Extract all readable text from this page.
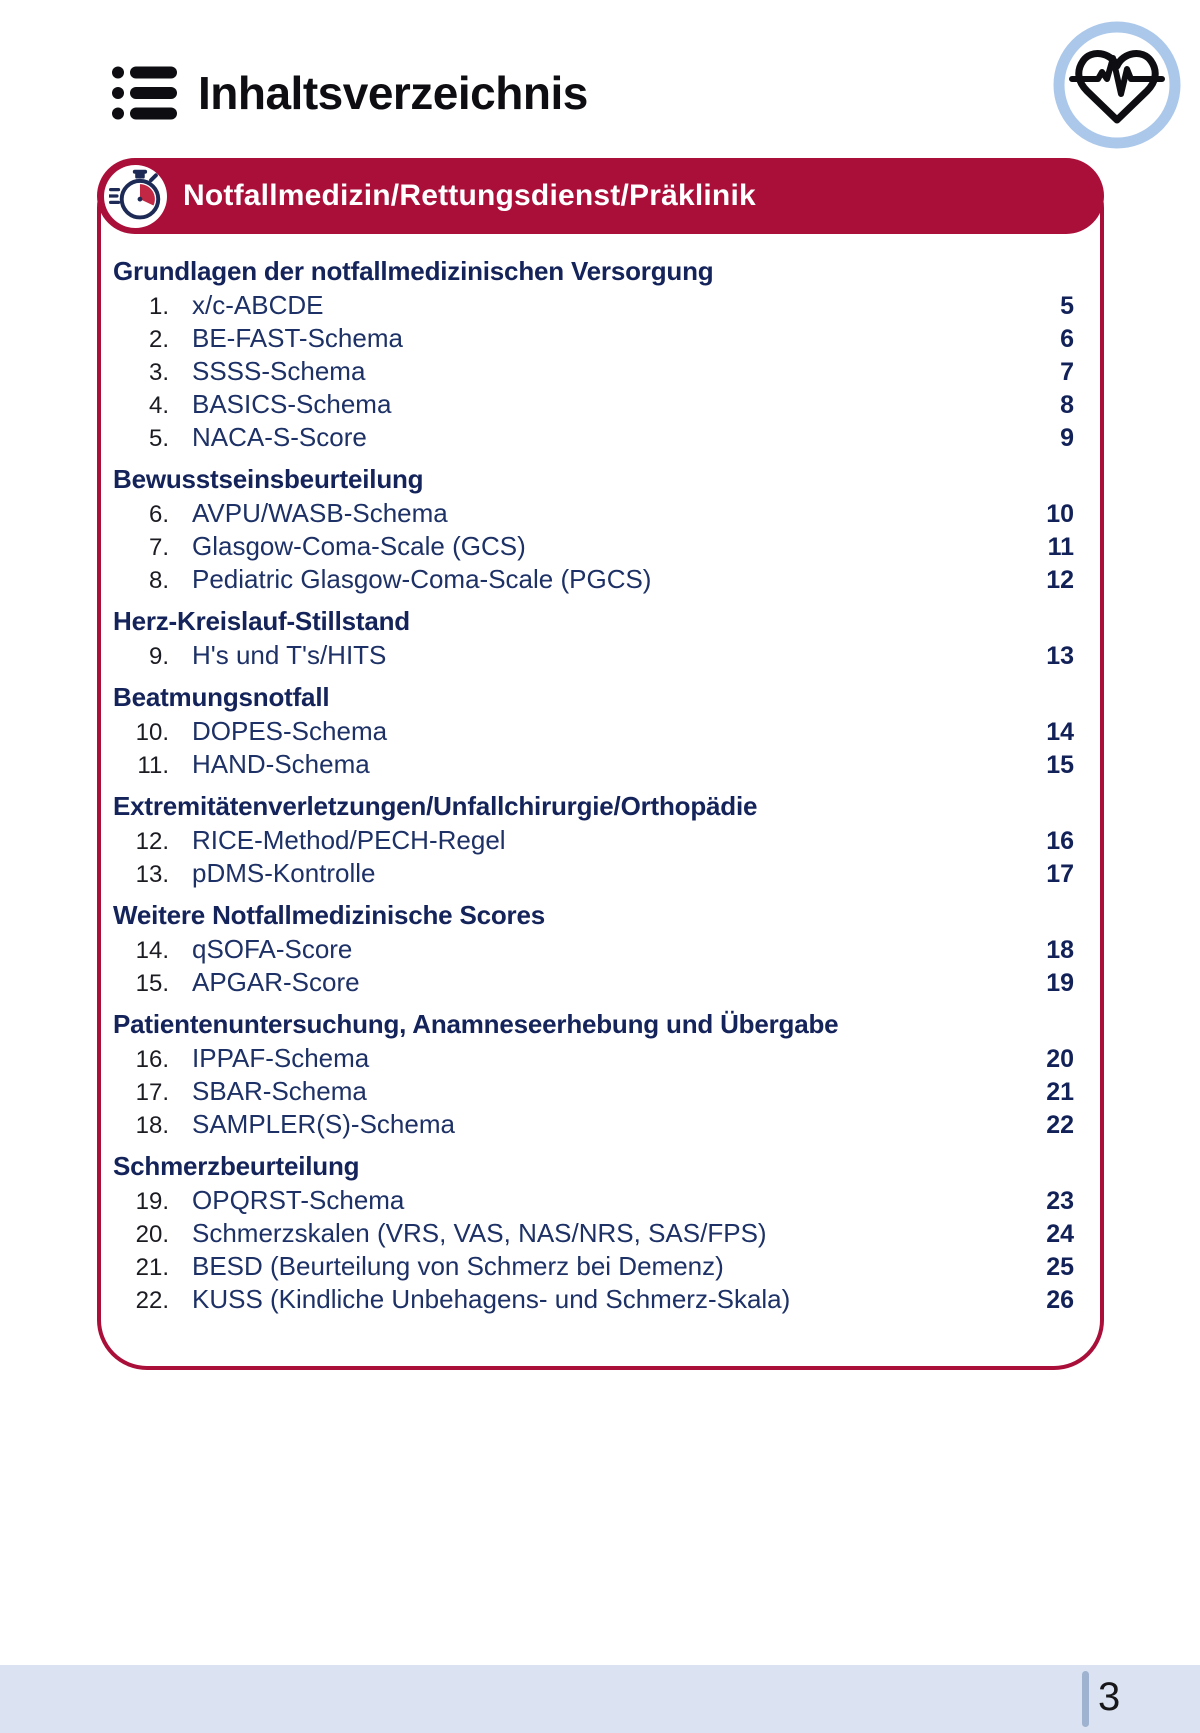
Inhaltsverzeichnis
Notfallmedizin/Rettungsdienst/Präklinik
Grundlagen der notfallmedizinischen Versorgung
1. x/c-ABCDE	5
2. BE-FAST-Schema	6
3. SSSS-Schema	7
4. BASICS-Schema	8
5. NACA-S-Score	9
Bewusstseinsbeurteilung
6. AVPU/WASB-Schema	10
7. Glasgow-Coma-Scale (GCS)	11
8. Pediatric Glasgow-Coma-Scale (PGCS)	12
Herz-Kreislauf-Stillstand
9. H's und T's/HITS	13
Beatmungsnotfall
10. DOPES-Schema	14
11. HAND-Schema	15
Extremitätenverletzungen/Unfallchirurgie/Orthopädie
12. RICE-Method/PECH-Regel	16
13. pDMS-Kontrolle	17
Weitere Notfallmedizinische Scores
14. qSOFA-Score	18
15. APGAR-Score	19
Patientenuntersuchung, Anamneseerhebung und Übergabe
16. IPPAF-Schema	20
17. SBAR-Schema	21
18. SAMPLER(S)-Schema	22
Schmerzbeurteilung
19. OPQRST-Schema	23
20. Schmerzskalen (VRS, VAS, NAS/NRS, SAS/FPS)	24
21. BESD (Beurteilung von Schmerz bei Demenz)	25
22. KUSS (Kindliche Unbehagens- und Schmerz-Skala)	26
3
